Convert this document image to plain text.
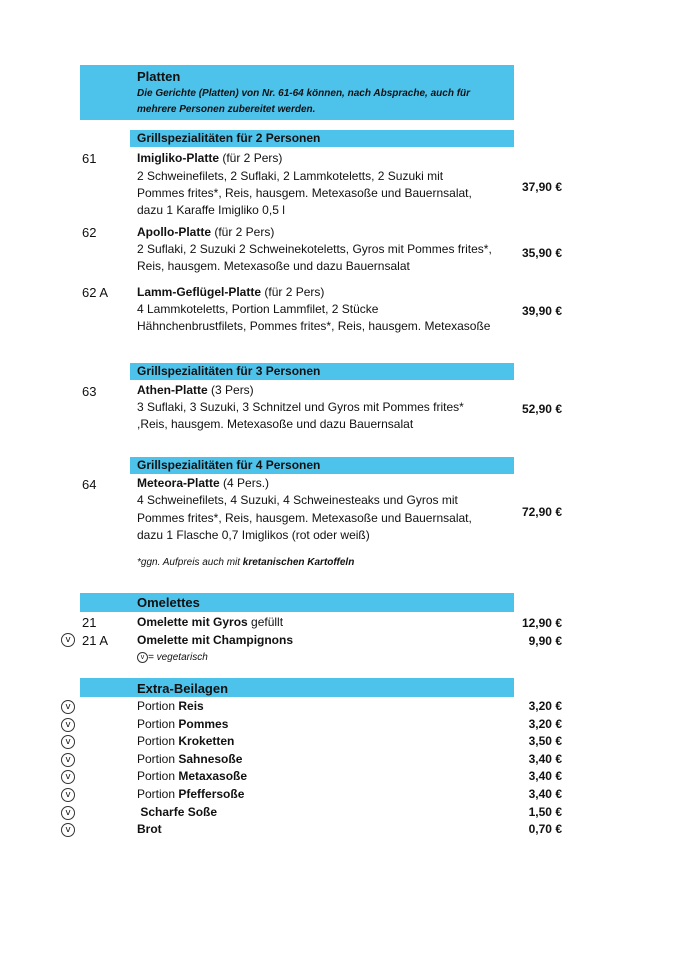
Platten
Die Gerichte (Platten) von Nr. 61-64 können, nach Absprache, auch für
mehrere Personen zubereitet werden.
Grillspezialitäten für 2 Personen
61	Imigliko-Platte (für 2 Pers)
2 Schweinefilets, 2 Suflaki, 2 Lammkoteletts, 2 Suzuki mit
Pommes frites*, Reis, hausgem. Metexasoße und Bauernsalat,
dazu 1 Karaffe Imigliko 0,5 l
37,90 €
62	Apollo-Platte (für 2 Pers)
2 Suflaki, 2 Suzuki 2 Schweinekoteletts, Gyros mit Pommes frites*,
Reis, hausgem. Metexasoße und dazu Bauernsalat
35,90 €
62 A Lamm-Geflügel-Platte (für 2 Pers)
4 Lammkoteletts, Portion Lammfilet, 2 Stücke
Hähnchenbrustfilets, Pommes frites*, Reis, hausgem. Metexasoße
39,90 €
Grillspezialitäten für 3 Personen
63	Athen-Platte (3 Pers)
3 Suflaki, 3 Suzuki, 3 Schnitzel und Gyros mit Pommes frites*
,Reis, hausgem. Metexasoße und dazu Bauernsalat
52,90 €
Grillspezialitäten für 4 Personen
64	Meteora-Platte (4 Pers.)
4 Schweinefilets, 4 Suzuki, 4 Schweinesteaks und Gyros mit
Pommes frites*, Reis, hausgem. Metexasoße und Bauernsalat,
dazu 1 Flasche 0,7 Imiglikos (rot oder weiß)
72,90 €
*ggn. Aufpreis auch mit kretanischen Kartoffeln
Omelettes
21	Omelette mit Gyros gefüllt	12,90 €
v 21 A Omelette mit Champignons	9,90 €
v = vegetarisch
Extra-Beilagen
v	Portion Reis	3,20 €
v	Portion Pommes	3,20 €
v	Portion Kroketten	3,50 €
v	Portion Sahnesoße	3,40 €
v	Portion Metaxasoße	3,40 €
v	Portion Pfeffersoße	3,40 €
v	Scharfe Soße	1,50 €
v	Brot	0,70 €
